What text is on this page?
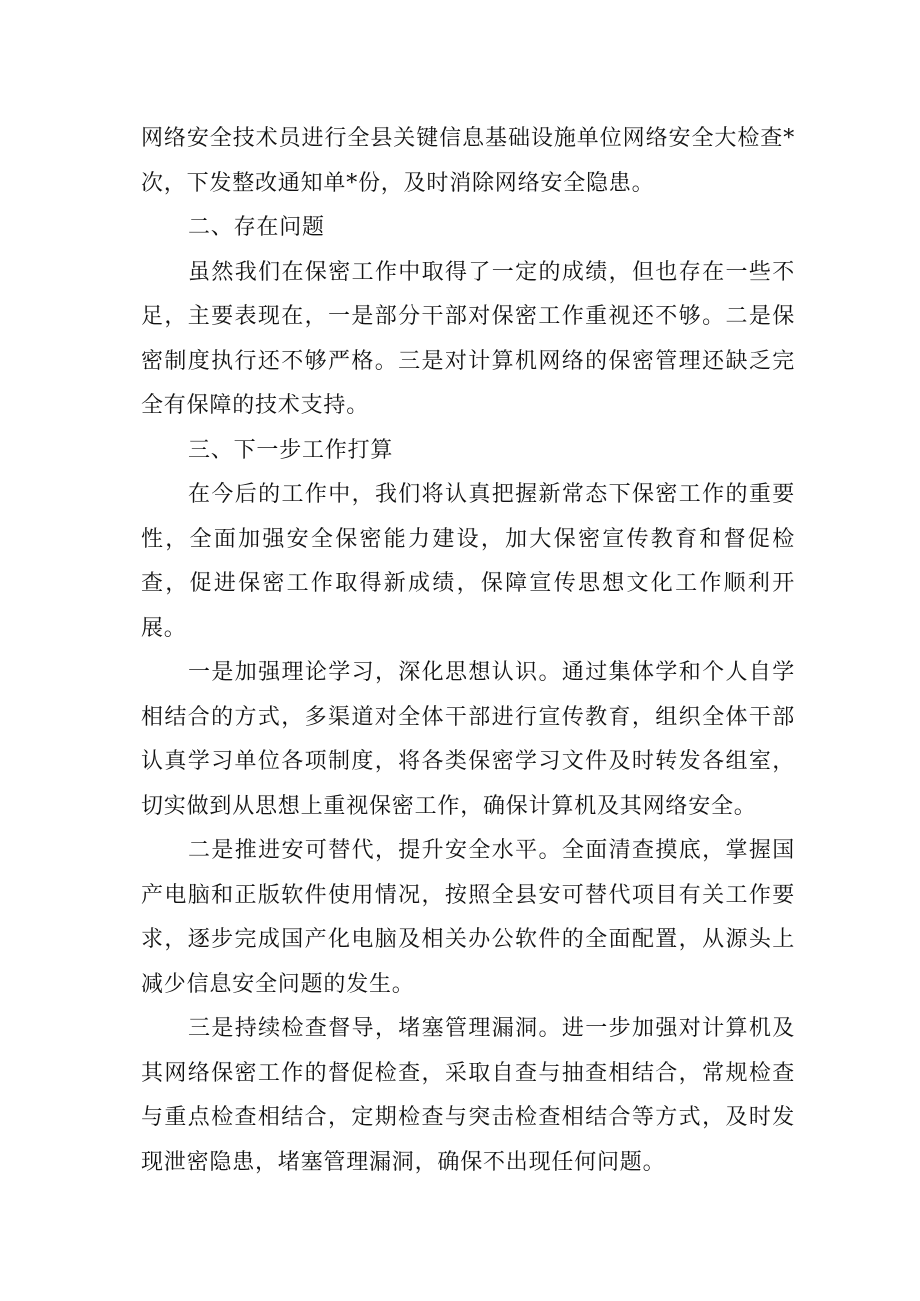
网络安全技术员进行全县关键信息基础设施单位网络安全大检查*次，下发整改通知单*份，及时消除网络安全隐患。

二、存在问题

虽然我们在保密工作中取得了一定的成绩，但也存在一些不足，主要表现在，一是部分干部对保密工作重视还不够。二是保密制度执行还不够严格。三是对计算机网络的保密管理还缺乏完全有保障的技术支持。

三、下一步工作打算

在今后的工作中，我们将认真把握新常态下保密工作的重要性，全面加强安全保密能力建设，加大保密宣传教育和督促检查，促进保密工作取得新成绩，保障宣传思想文化工作顺利开展。

一是加强理论学习，深化思想认识。通过集体学和个人自学相结合的方式，多渠道对全体干部进行宣传教育，组织全体干部认真学习单位各项制度，将各类保密学习文件及时转发各组室，切实做到从思想上重视保密工作，确保计算机及其网络安全。

二是推进安可替代，提升安全水平。全面清查摸底，掌握国产电脑和正版软件使用情况，按照全县安可替代项目有关工作要求，逐步完成国产化电脑及相关办公软件的全面配置，从源头上减少信息安全问题的发生。

三是持续检查督导，堵塞管理漏洞。进一步加强对计算机及其网络保密工作的督促检查，采取自查与抽查相结合，常规检查与重点检查相结合，定期检查与突击检查相结合等方式，及时发现泄密隐患，堵塞管理漏洞，确保不出现任何问题。
